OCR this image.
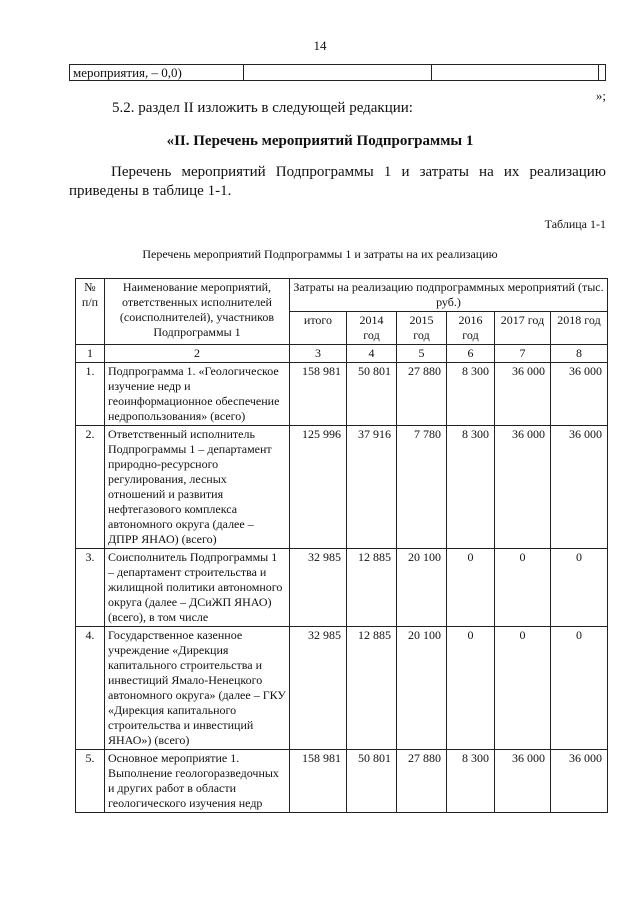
14
мероприятия, – 0,0)			
»;
5.2. раздел II изложить в следующей редакции:
«II. Перечень мероприятий Подпрограммы 1
Перечень мероприятий Подпрограммы 1 и затраты на их реализацию приведены в таблице 1-1.
Таблица 1-1
Перечень мероприятий Подпрограммы 1 и затраты на их реализацию
№ п/п	Наименование мероприятий, ответственных исполнителей (соисполнителей), участников Подпрограммы 1	Затраты на реализацию подпрограммных мероприятий (тыс. руб.)					
		итого	2014 год	2015 год	2016 год	2017 год	2018 год
1	2	3	4	5	6	7	8
1.	Подпрограмма 1. «Геологическое изучение недр и геоинформационное обеспечение недропользования» (всего)	158 981	50 801	27 880	8 300	36 000	36 000
2.	Ответственный исполнитель Подпрограммы 1 – департамент природно-ресурсного регулирования, лесных отношений и развития нефтегазового комплекса автономного округа (далее – ДПРР ЯНАО) (всего)	125 996	37 916	7 780	8 300	36 000	36 000
3.	Соисполнитель Подпрограммы 1 – департамент строительства и жилищной политики автономного округа (далее – ДСиЖП ЯНАО) (всего), в том числе	32 985	12 885	20 100	0	0	0
4.	Государственное казенное учреждение «Дирекция капитального строительства и инвестиций Ямало-Ненецкого автономного округа» (далее – ГКУ «Дирекция капитального строительства и инвестиций ЯНАО») (всего)	32 985	12 885	20 100	0	0	0
5.	Основное мероприятие 1. Выполнение геологоразведочных и других работ в области геологического изучения недр	158 981	50 801	27 880	8 300	36 000	36 000
